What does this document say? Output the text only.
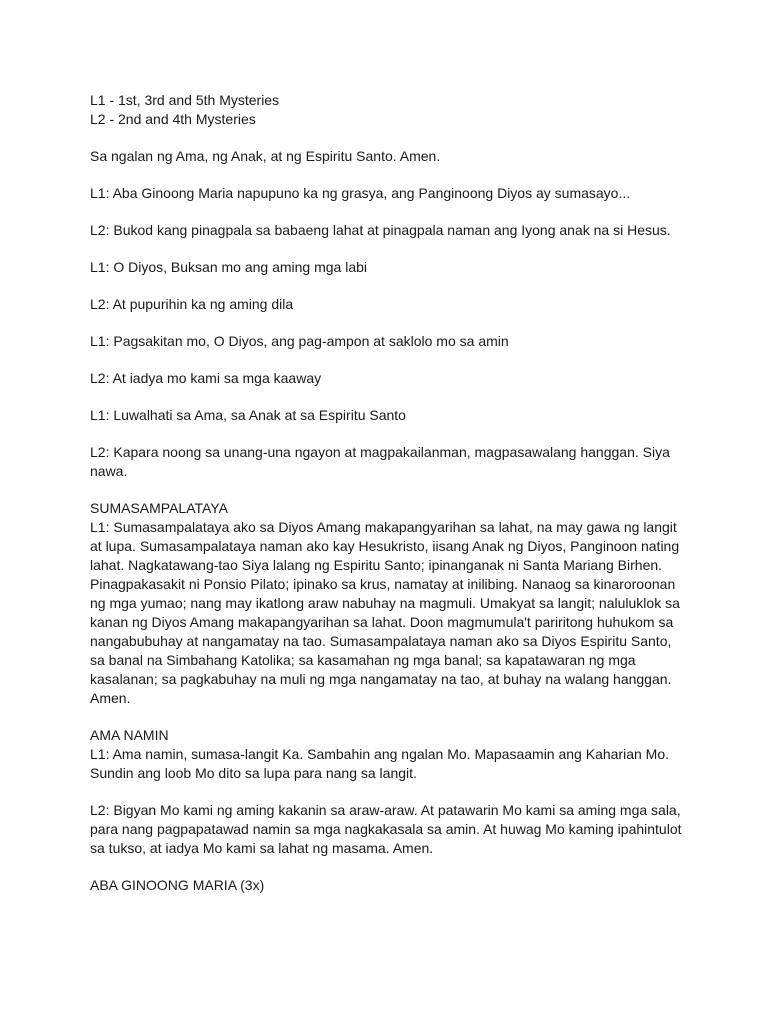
L1 - 1st, 3rd and 5th Mysteries
L2 - 2nd and 4th Mysteries
Sa ngalan ng Ama, ng Anak, at ng Espiritu Santo. Amen.
L1: Aba Ginoong Maria napupuno ka ng grasya, ang Panginoong Diyos ay sumasayo...
L2: Bukod kang pinagpala sa babaeng lahat at pinagpala naman ang Iyong anak na si Hesus.
L1: O Diyos, Buksan mo ang aming mga labi
L2: At pupurihin ka ng aming dila
L1: Pagsakitan mo, O Diyos, ang pag-ampon at saklolo mo sa amin
L2: At iadya mo kami sa mga kaaway
L1: Luwalhati sa Ama, sa Anak at sa Espiritu Santo
L2: Kapara noong sa unang-una ngayon at magpakailanman, magpasawalang hanggan. Siya
nawa.
SUMASAMPALATAYA
L1: Sumasampalataya ako sa Diyos Amang makapangyarihan sa lahat, na may gawa ng langit
at lupa. Sumasampalataya naman ako kay Hesukristo, iisang Anak ng Diyos, Panginoon nating
lahat. Nagkatawang-tao Siya lalang ng Espiritu Santo; ipinanganak ni Santa Mariang Birhen.
Pinagpakasakit ni Ponsio Pilato; ipinako sa krus, namatay at inilibing. Nanaog sa kinaroroonan
ng mga yumao; nang may ikatlong araw nabuhay na magmuli. Umakyat sa langit; naluluklok sa
kanan ng Diyos Amang makapangyarihan sa lahat. Doon magmumula't pariritong huhukom sa
nangabubuhay at nangamatay na tao. Sumasampalataya naman ako sa Diyos Espiritu Santo,
sa banal na Simbahang Katolika; sa kasamahan ng mga banal; sa kapatawaran ng mga
kasalanan; sa pagkabuhay na muli ng mga nangamatay na tao, at buhay na walang hanggan.
Amen.
AMA NAMIN
L1: Ama namin, sumasa-langit Ka. Sambahin ang ngalan Mo. Mapasaamin ang Kaharian Mo.
Sundin ang loob Mo dito sa lupa para nang sa langit.
L2: Bigyan Mo kami ng aming kakanin sa araw-araw. At patawarin Mo kami sa aming mga sala,
para nang pagpapatawad namin sa mga nagkakasala sa amin. At huwag Mo kaming ipahintulot
sa tukso, at iadya Mo kami sa lahat ng masama. Amen.
ABA GINOONG MARIA (3x)
